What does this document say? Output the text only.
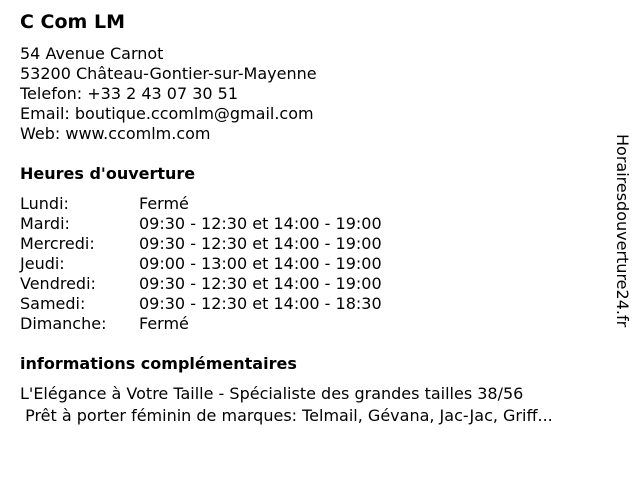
C Com LM
54 Avenue Carnot
53200 Château-Gontier-sur-Mayenne
Telefon: +33 2 43 07 30 51
Email: boutique.ccomlm@gmail.com
Web: www.ccomlm.com
Heures d'ouverture
Lundi:	Fermé
Mardi:	09:30 - 12:30 et 14:00 - 19:00
Mercredi:	09:30 - 12:30 et 14:00 - 19:00
Jeudi:	09:00 - 13:00 et 14:00 - 19:00
Vendredi:	09:30 - 12:30 et 14:00 - 19:00
Samedi:	09:30 - 12:30 et 14:00 - 18:30
Dimanche: Fermé
informations complémentaires
L'Elégance à Votre Taille - Spécialiste des grandes tailles 38/56
Prêt à porter féminin de marques: Telmail, Gévana, Jac-Jac, Griff...
Horairesdouverture24.fr
